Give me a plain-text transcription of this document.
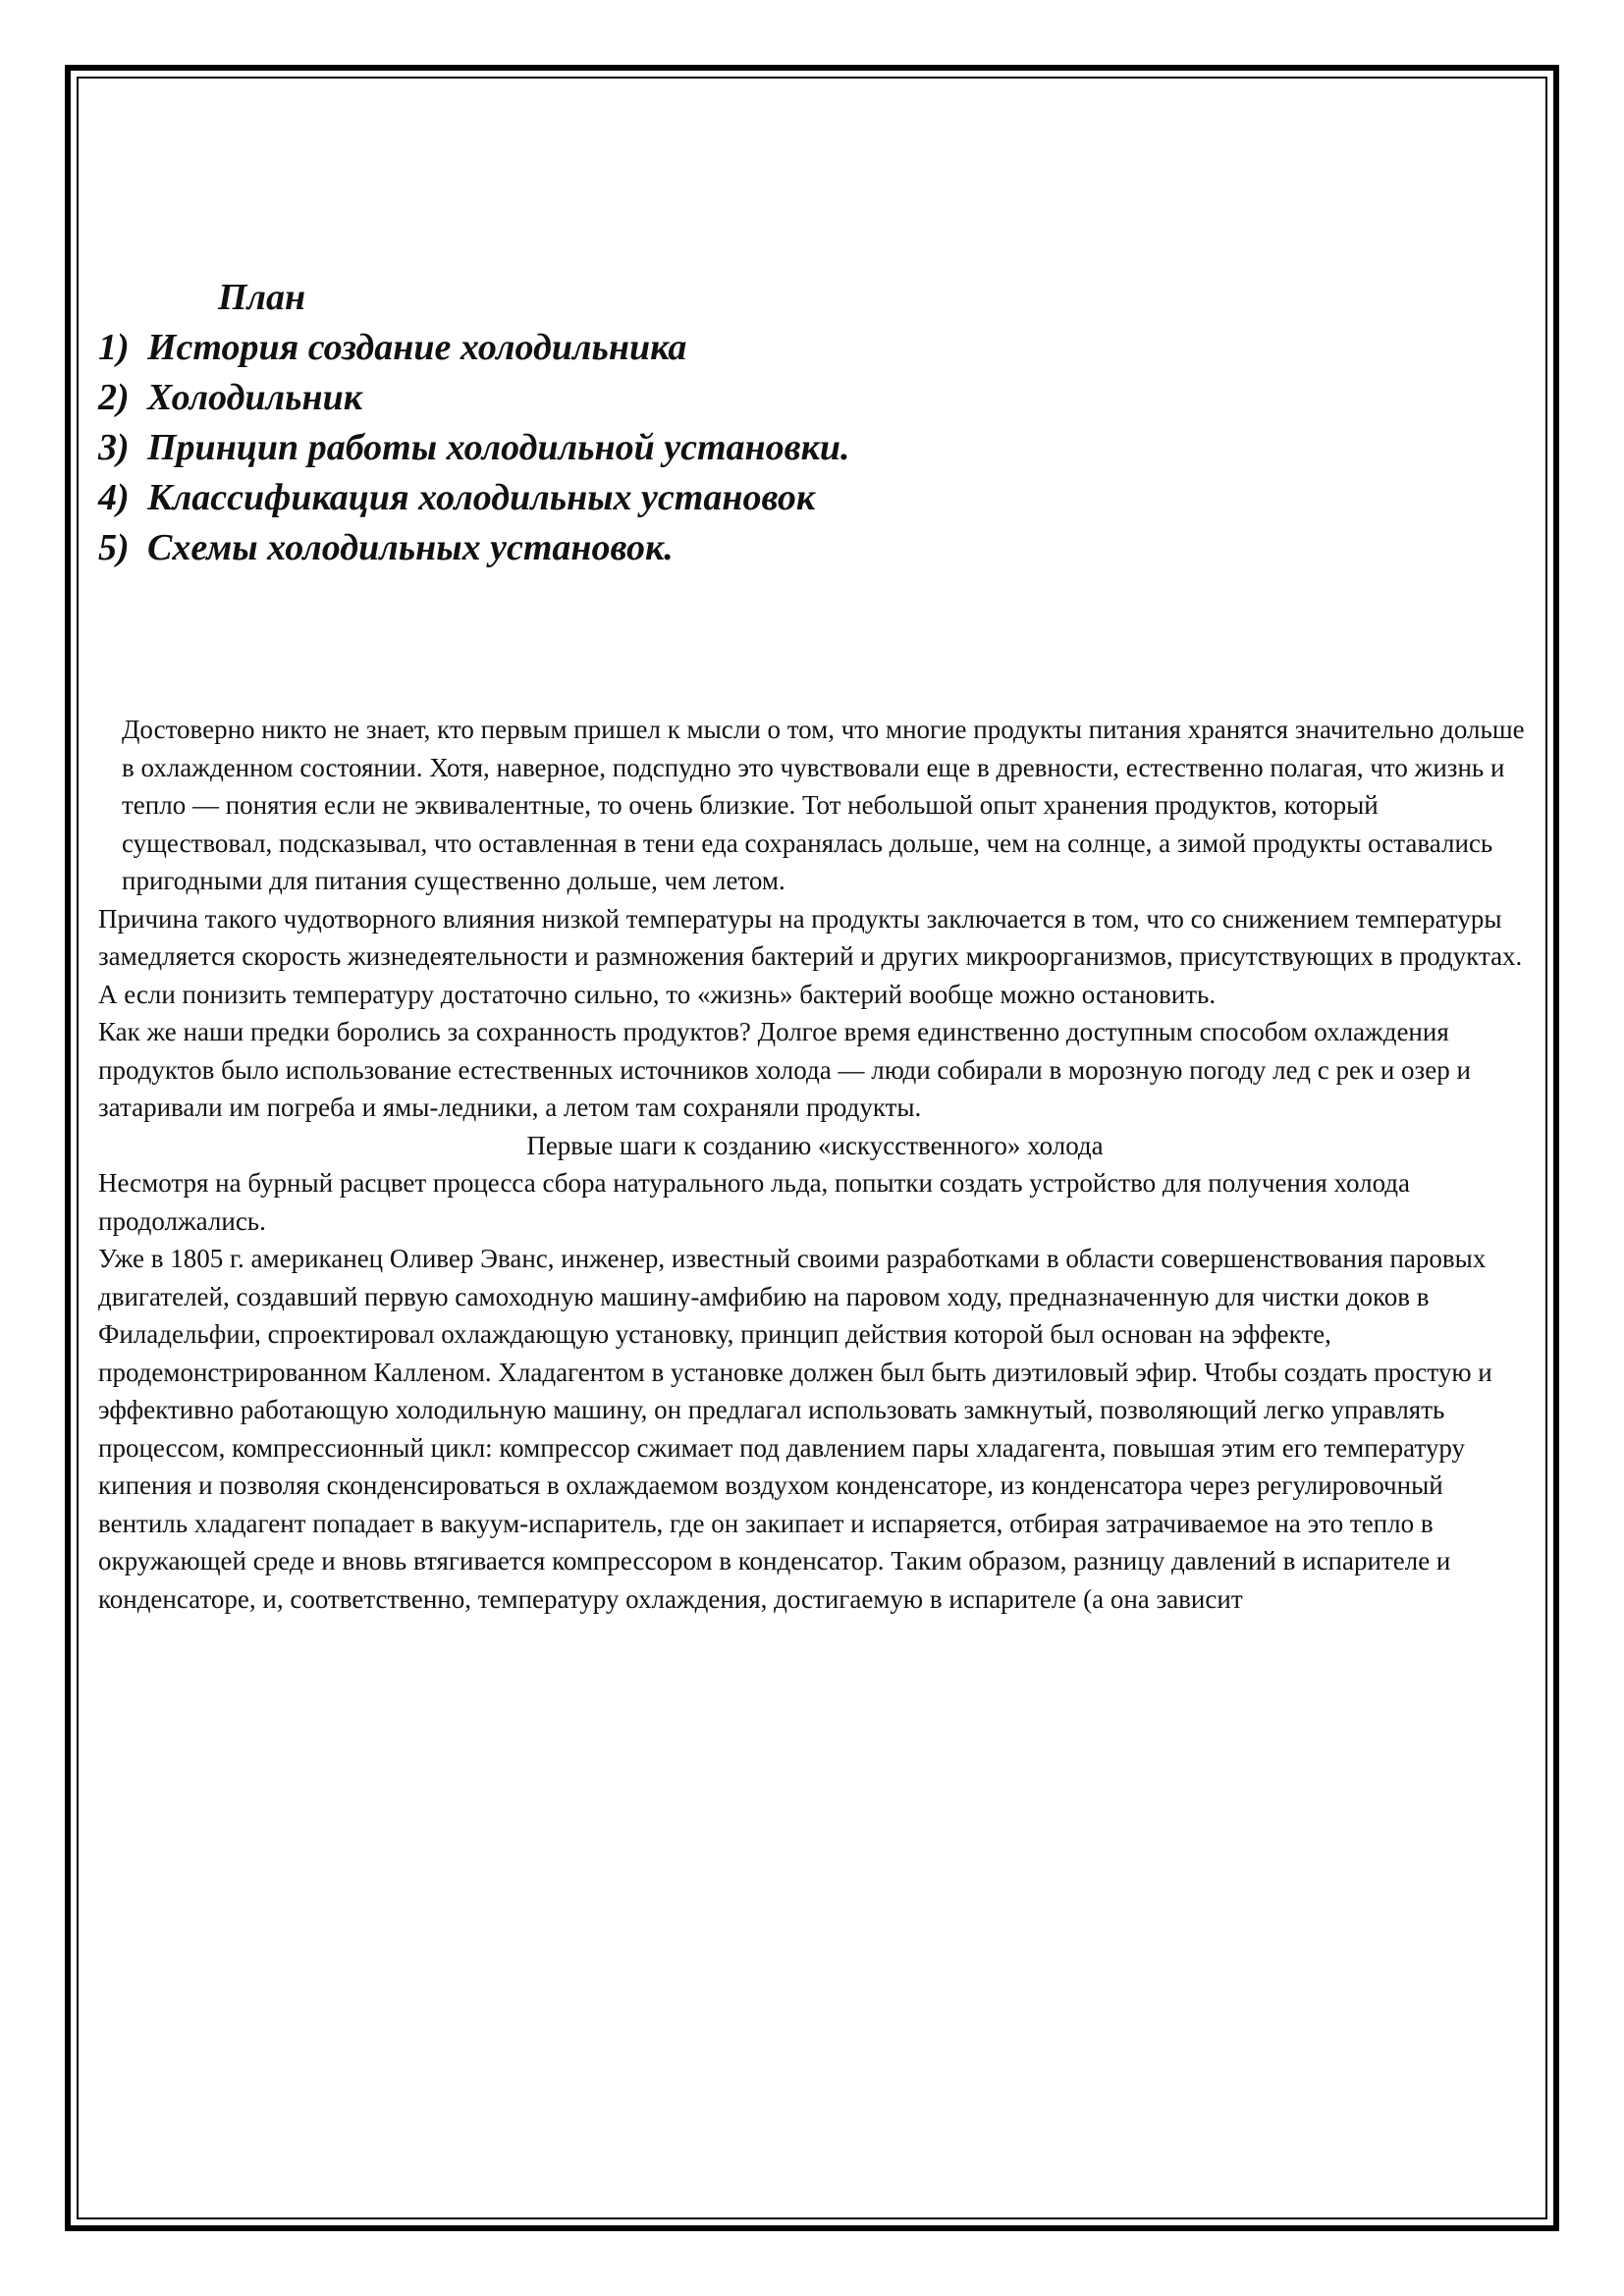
План
1) История создание холодильника
2) Холодильник
3) Принцип работы холодильной установки.
4) Классификация холодильных установок
5) Схемы холодильных установок.

Достоверно никто не знает, кто первым пришел к мысли о том, что многие продукты питания хранятся значительно дольше в охлажденном состоянии. Хотя, наверное, подспудно это чувствовали еще в древности, естественно полагая, что жизнь и тепло — понятия если не эквивалентные, то очень близкие. Тот небольшой опыт хранения продуктов, который существовал, подсказывал, что оставленная в тени еда сохранялась дольше, чем на солнце, а зимой продукты оставались пригодными для питания существенно дольше, чем летом.

Причина такого чудотворного влияния низкой температуры на продукты заключается в том, что со снижением температуры замедляется скорость жизнедеятельности и размножения бактерий и других микроорганизмов, присутствующих в продуктах. А если понизить температуру достаточно сильно, то «жизнь» бактерий вообще можно остановить.

Как же наши предки боролись за сохранность продуктов? Долгое время единственно доступным способом охлаждения продуктов было использование естественных источников холода — люди собирали в морозную погоду лед с рек и озер и затаривали им погреба и ямы-ледники, а летом там сохраняли продукты.

Первые шаги к созданию «искусственного» холода

Несмотря на бурный расцвет процесса сбора натурального льда, попытки создать устройство для получения холода продолжались.

Уже в 1805 г. американец Оливер Эванс, инженер, известный своими разработками в области совершенствования паровых двигателей, создавший первую самоходную машину-амфибию на паровом ходу, предназначенную для чистки доков в Филадельфии, спроектировал охлаждающую установку, принцип действия которой был основан на эффекте, продемонстрированном Калленом. Хладагентом в установке должен был быть диэтиловый эфир. Чтобы создать простую и эффективно работающую холодильную машину, он предлагал использовать замкнутый, позволяющий легко управлять процессом, компрессионный цикл: компрессор сжимает под давлением пары хладагента, повышая этим его температуру кипения и позволяя сконденсироваться в охлаждаемом воздухом конденсаторе, из конденсатора через регулировочный вентиль хладагент попадает в вакуум-испаритель, где он закипает и испаряется, отбирая затрачиваемое на это тепло в окружающей среде и вновь втягивается компрессором в конденсатор. Таким образом, разницу давлений в испарителе и конденсаторе, и, соответственно, температуру охлаждения, достигаемую в испарителе (а она зависит
